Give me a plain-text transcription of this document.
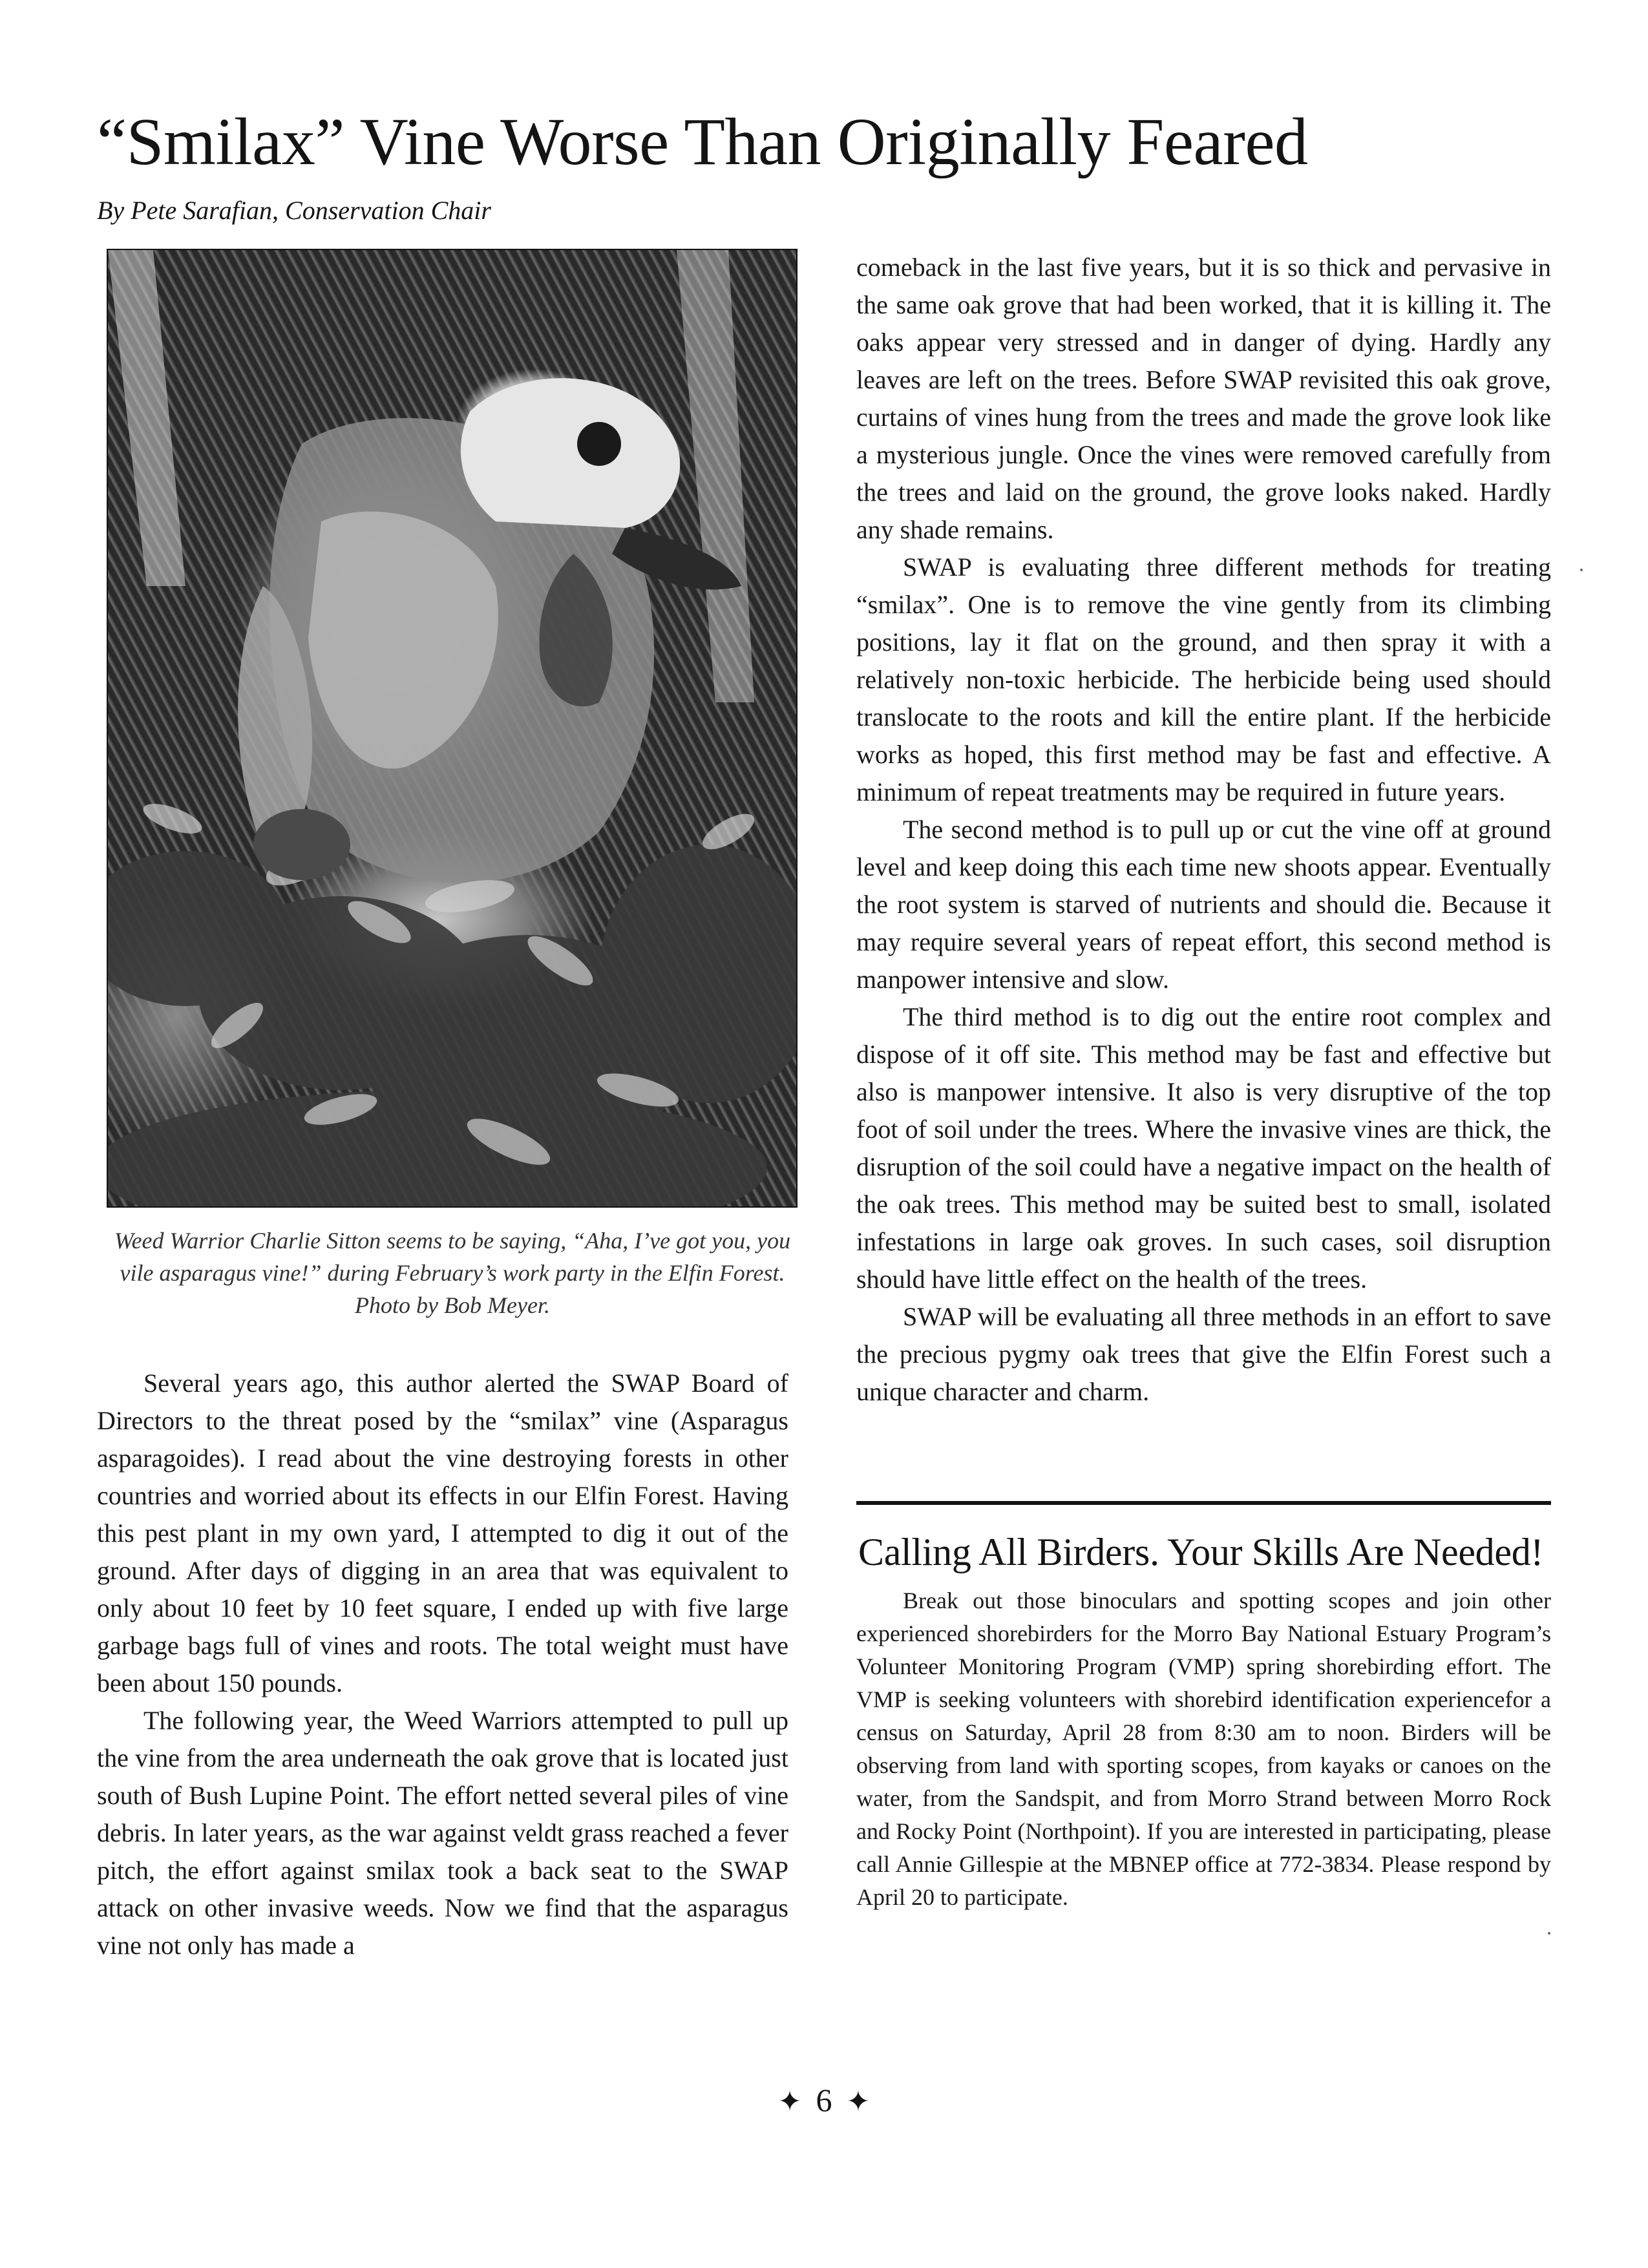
“Smilax” Vine Worse Than Originally Feared
By Pete Sarafian, Conservation Chair

Weed Warrior Charlie Sitton seems to be saying, “Aha, I’ve got you, you

vile asparagus vine!” during February’s work party in the Elfin Forest.

Photo by Bob Meyer.

Several years ago, this author alerted the SWAP Board of Directors to the threat posed by the “smilax” vine (Asparagus asparagoides). I read about the vine destroying forests in other countries and worried about its effects in our Elfin Forest. Having this pest plant in my own yard, I attempted to dig it out of the ground. After days of digging in an area that was equivalent to only about 10 feet by 10 feet square, I ended up with five large garbage bags full of vines and roots. The total weight must have been about 150 pounds.

The following year, the Weed Warriors attempted to pull up the vine from the area underneath the oak grove that is located just south of Bush Lupine Point. The effort netted several piles of vine debris. In later years, as the war against veldt grass reached a fever pitch, the effort against smilax took a back seat to the SWAP attack on other invasive weeds. Now we find that the asparagus vine not only has made a

comeback in the last five years, but it is so thick and pervasive in the same oak grove that had been worked, that it is killing it. The oaks appear very stressed and in danger of dying. Hardly any leaves are left on the trees. Before SWAP revisited this oak grove, curtains of vines hung from the trees and made the grove look like a mysterious jungle. Once the vines were removed carefully from the trees and laid on the ground, the grove looks naked. Hardly any shade remains.

SWAP is evaluating three different methods for treating “smilax”. One is to remove the vine gently from its climbing positions, lay it flat on the ground, and then spray it with a relatively non-toxic herbicide. The herbicide being used should translocate to the roots and kill the entire plant. If the herbicide works as hoped, this first method may be fast and effective. A minimum of repeat treatments may be required in future years.

The second method is to pull up or cut the vine off at ground level and keep doing this each time new shoots appear. Eventually the root system is starved of nutrients and should die. Because it may require several years of repeat effort, this second method is manpower intensive and slow.

The third method is to dig out the entire root complex and dispose of it off site. This method may be fast and effective but also is manpower intensive. It also is very disruptive of the top foot of soil under the trees. Where the invasive vines are thick, the disruption of the soil could have a negative impact on the health of the oak trees. This method may be suited best to small, isolated infestations in large oak groves. In such cases, soil disruption should have little effect on the health of the trees.

SWAP will be evaluating all three methods in an effort to save the precious pygmy oak trees that give the Elfin Forest such a unique character and charm.

Calling All Birders. Your Skills Are Needed!

Break out those binoculars and spotting scopes and join other experienced shorebirders for the Morro Bay National Estuary Program’s Volunteer Monitoring Program (VMP) spring shorebirding effort. The VMP is seeking volunteers with shorebird identification experiencefor a census on Saturday, April 28 from 8:30 am to noon. Birders will be observing from land with sporting scopes, from kayaks or canoes on the water, from the Sandspit, and from Morro Strand between Morro Rock and Rocky Point (Northpoint). If you are interested in participating, please call Annie Gillespie at the MBNEP office at 772-3834. Please respond by April 20 to participate.

✦ 6 ✦
